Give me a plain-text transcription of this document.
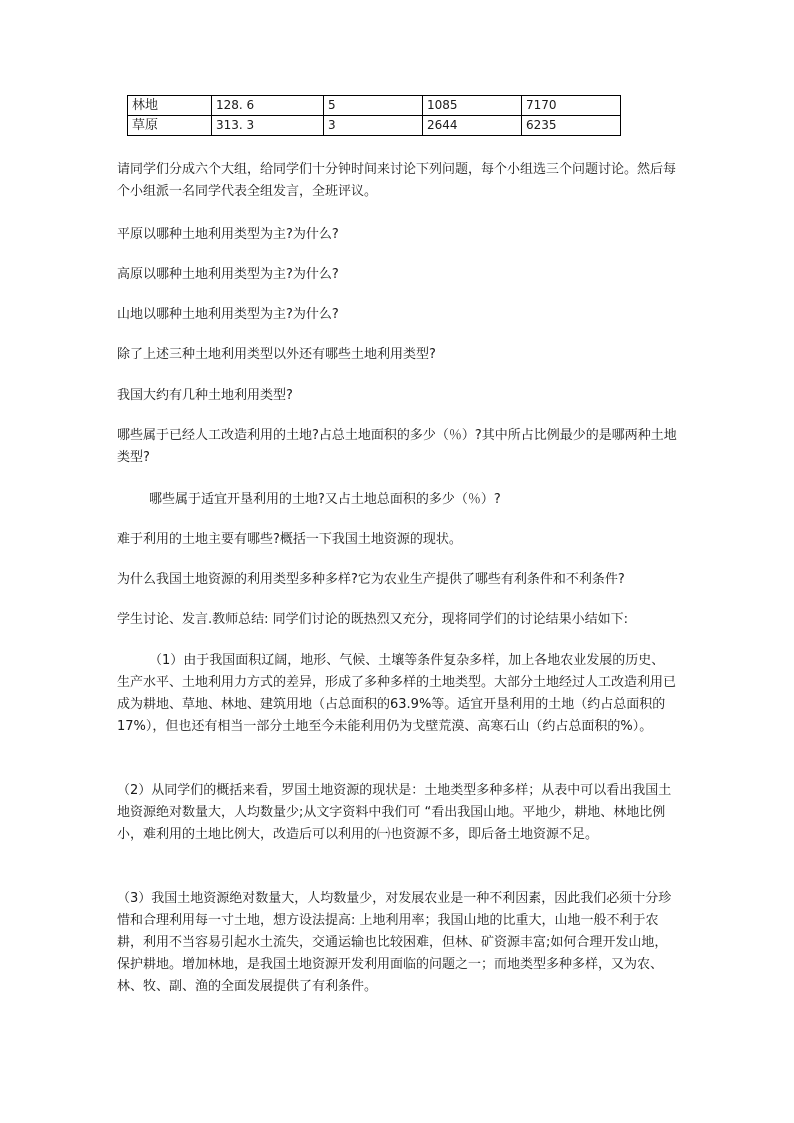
林地	128. 6	5	1085	7170
草原	313. 3	3	2644	6235

请同学们分成六个大组，给同学们十分钟时间来讨论下列问题，每个小组选三个问题讨论。然后每个小组派一名同学代表全组发言，全班评议。

平原以哪种土地利用类型为主?为什么?

高原以哪种土地利用类型为主?为什么?

山地以哪种土地利用类型为主?为什么?

除了上述三种土地利用类型以外还有哪些土地利用类型?

我国大约有几种土地利用类型?

哪些属于已经人工改造利用的土地?占总土地面积的多少（％）?其中所占比例最少的是哪两种土地类型?

哪些属于适宜开垦利用的土地?又占土地总面积的多少（％）?

难于利用的土地主要有哪些?概括一下我国土地资源的现状。

为什么我国土地资源的利用类型多种多样?它为农业生产提供了哪些有利条件和不利条件?

学生讨论、发言.教师总结: 同学们讨论的既热烈又充分，现将同学们的讨论结果小结如下:

（1）由于我国面积辽阔，地形、气候、土壤等条件复杂多样，加上各地农业发展的历史、生产水平、土地利用力方式的差异，形成了多种多样的土地类型。大部分土地经过人工改造利用已成为耕地、草地、林地、建筑用地（占总面积的63.9%等。适宜开垦利用的土地（约占总面积的17%），但也还有相当一部分土地至今未能利用仍为戈壁荒漠、高寒石山（约占总面积的%）。

（2）从同学们的概括来看，罗国土地资源的现状是：土地类型多种多样；从表中可以看出我国土地资源绝对数量大，人均数量少;从文字资料中我们可 “看出我国山地。平地少，耕地、林地比例小，难利用的土地比例大，改造后可以利用的㈠也资源不多，即后备土地资源不足。

（3）我国土地资源绝对数量大，人均数量少，对发展农业是一种不利因素，因此我们必须十分珍惜和合理利用每一寸土地，想方设法提高: 上地利用率；我国山地的比重大，山地一般不利于农耕，利用不当容易引起水土流失，交通运输也比较困难，但林、矿资源丰富;如何合理开发山地，保护耕地。增加林地，是我国土地资源开发利用面临的问题之一；而地类型多种多样，又为农、林、牧、副、渔的全面发展提供了有利条件。
